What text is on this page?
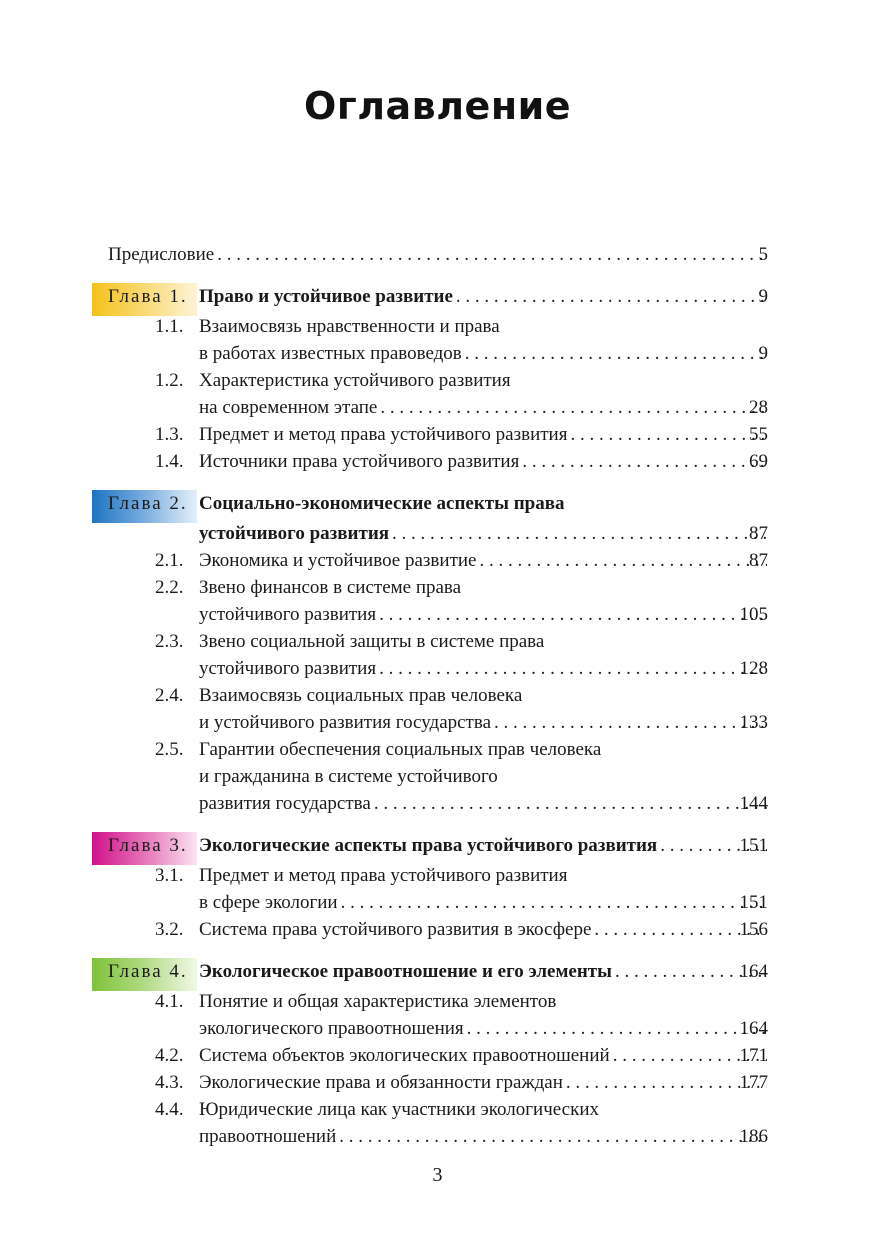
Оглавление
Предисловие . . .	5
Глава 1. Право и устойчивое развитие . . .	9
1.1. Взаимосвязь нравственности и права
в работах известных правоведов . . .	9
1.2. Характеристика устойчивого развития
на современном этапе . . .	28
1.3. Предмет и метод права устойчивого развития . . .	55
1.4. Источники права устойчивого развития . . .	69
Глава 2. Социально-экономические аспекты права
устойчивого развития . . .	87
2.1. Экономика и устойчивое развитие . . .	87
2.2. Звено финансов в системе права
устойчивого развития . . .	105
2.3. Звено социальной защиты в системе права
устойчивого развития . . .	128
2.4. Взаимосвязь социальных прав человека
и устойчивого развития государства . . .	133
2.5. Гарантии обеспечения социальных прав человека
и гражданина в системе устойчивого
развития государства . . .	144
Глава 3. Экологические аспекты права устойчивого развития . . .	151
3.1. Предмет и метод права устойчивого развития
в сфере экологии . . .	151
3.2. Система права устойчивого развития в экосфере . . .	156
Глава 4. Экологическое правоотношение и его элементы . . .	164
4.1. Понятие и общая характеристика элементов
экологического правоотношения . . .	164
4.2. Система объектов экологических правоотношений . . .	171
4.3. Экологические права и обязанности граждан . . .	177
4.4. Юридические лица как участники экологических
правоотношений . . .	186
3
